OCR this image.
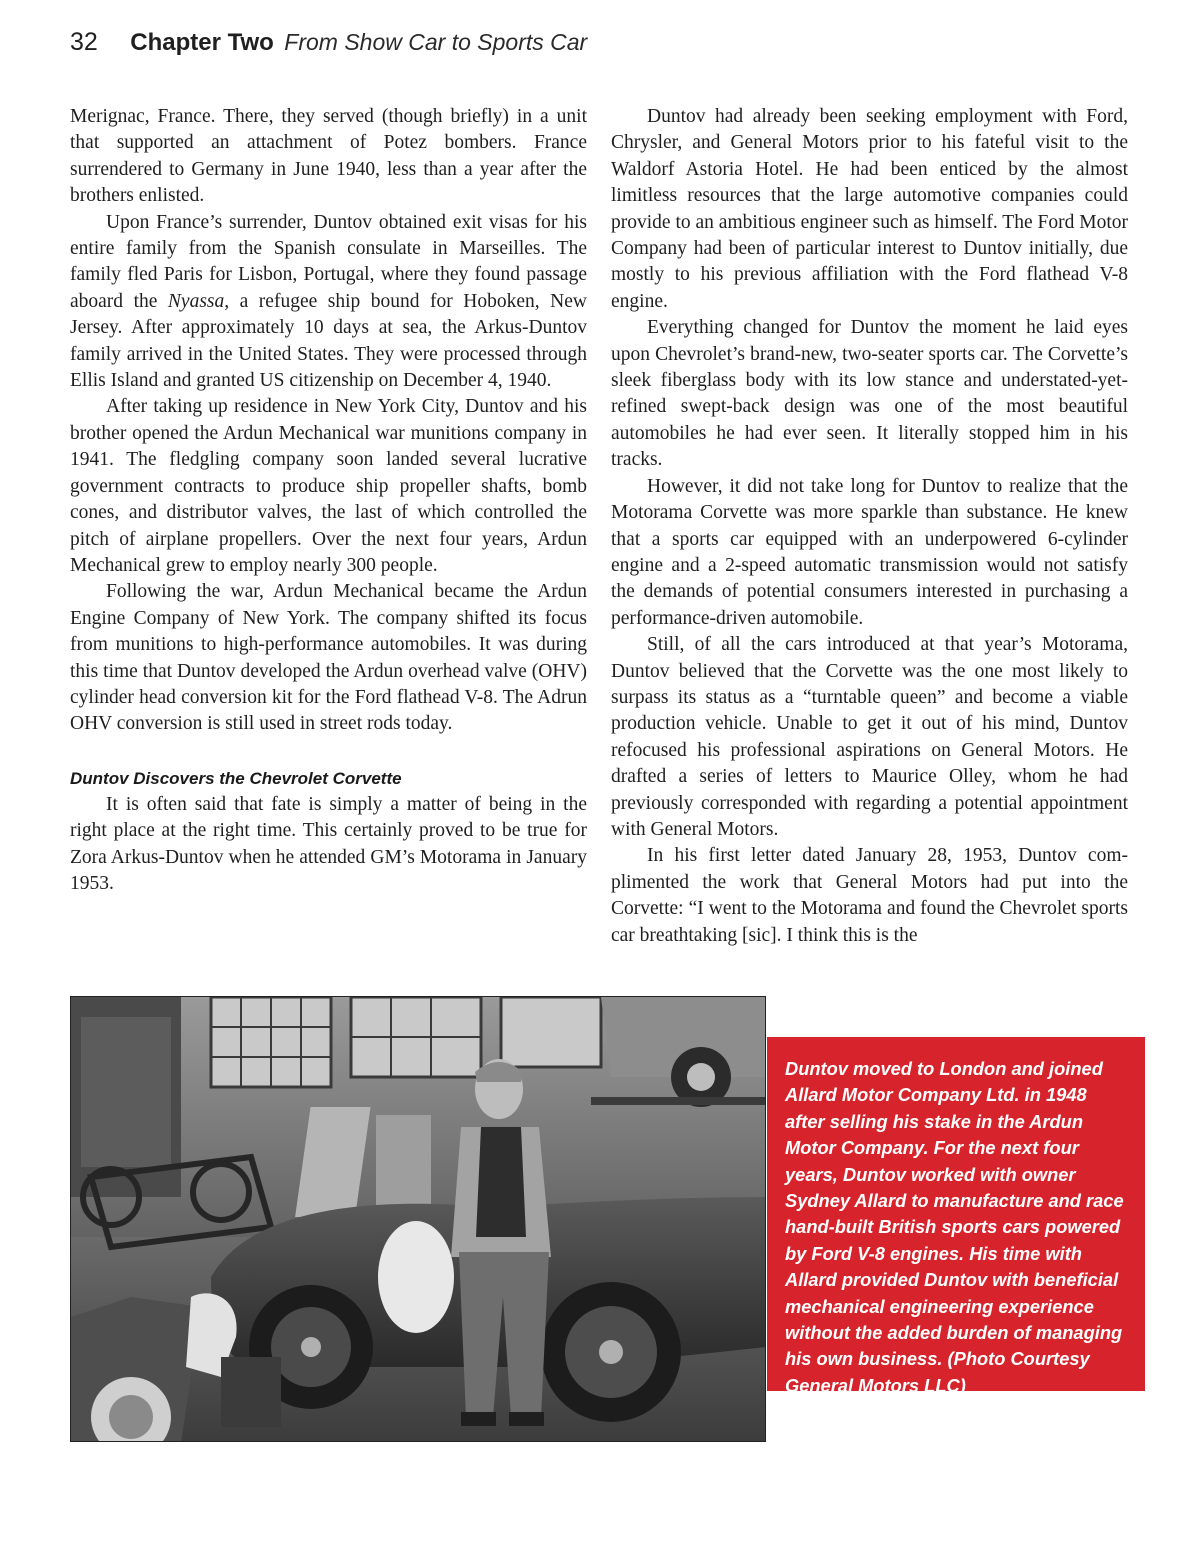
32 Chapter Two From Show Car to Sports Car

Merignac, France. There, they served (though briefly) in a unit that supported an attachment of Potez bombers. France surrendered to Germany in June 1940, less than a year after the brothers enlisted.

Upon France’s surrender, Duntov obtained exit visas for his entire family from the Spanish consulate in Marseilles. The family fled Paris for Lisbon, Portugal, where they found passage aboard the Nyassa, a refugee ship bound for Hoboken, New Jersey. After approximately 10 days at sea, the Arkus-Duntov family arrived in the United States. They were processed through Ellis Island and granted US citizenship on December 4, 1940.

After taking up residence in New York City, Duntov and his brother opened the Ardun Mechanical war munitions company in 1941. The fledgling company soon landed several lucrative government contracts to produce ship propeller shafts, bomb cones, and distributor valves, the last of which controlled the pitch of airplane propellers. Over the next four years, Ardun Mechanical grew to employ nearly 300 people.

Following the war, Ardun Mechanical became the Ardun Engine Company of New York. The company shifted its focus from munitions to high-performance automobiles. It was during this time that Duntov developed the Ardun overhead valve (OHV) cylinder head conversion kit for the Ford flathead V-8. The Adrun OHV conversion is still used in street rods today.

Duntov Discovers the Chevrolet Corvette

It is often said that fate is simply a matter of being in the right place at the right time. This certainly proved to be true for Zora Arkus-Duntov when he attended GM’s Motorama in January 1953.

Duntov had already been seeking employment with Ford, Chrysler, and General Motors prior to his fateful visit to the Waldorf Astoria Hotel. He had been enticed by the almost limitless resources that the large automotive companies could provide to an ambitious engineer such as himself. The Ford Motor Company had been of particular interest to Duntov initially, due mostly to his previous affiliation with the Ford flathead V-8 engine.

Everything changed for Duntov the moment he laid eyes upon Chevrolet’s brand-new, two-seater sports car. The Corvette’s sleek fiberglass body with its low stance and understated-yet-refined swept-back design was one of the most beautiful automobiles he had ever seen. It literally stopped him in his tracks.

However, it did not take long for Duntov to realize that the Motorama Corvette was more sparkle than substance. He knew that a sports car equipped with an underpowered 6-cylinder engine and a 2-speed automatic transmission would not satisfy the demands of potential consumers interested in purchasing a performance-driven automobile.

Still, of all the cars introduced at that year’s Motorama, Duntov believed that the Corvette was the one most likely to surpass its status as a “turntable queen” and become a viable production vehicle. Unable to get it out of his mind, Duntov refocused his professional aspirations on General Motors. He drafted a series of letters to Maurice Olley, whom he had previously corresponded with regarding a potential appointment with General Motors.

In his first letter dated January 28, 1953, Duntov complimented the work that General Motors had put into the Corvette: “I went to the Motorama and found the Chevrolet sports car breathtaking [sic]. I think this is the

Duntov moved to London and joined Allard Motor Company Ltd. in 1948 after selling his stake in the Ardun Motor Company. For the next four years, Duntov worked with owner Sydney Allard to manufacture and race hand-built British sports cars powered by Ford V-8 engines. His time with Allard provided Duntov with beneficial mechanical engineering experience without the added burden of managing his own business. (Photo Courtesy General Motors LLC)
